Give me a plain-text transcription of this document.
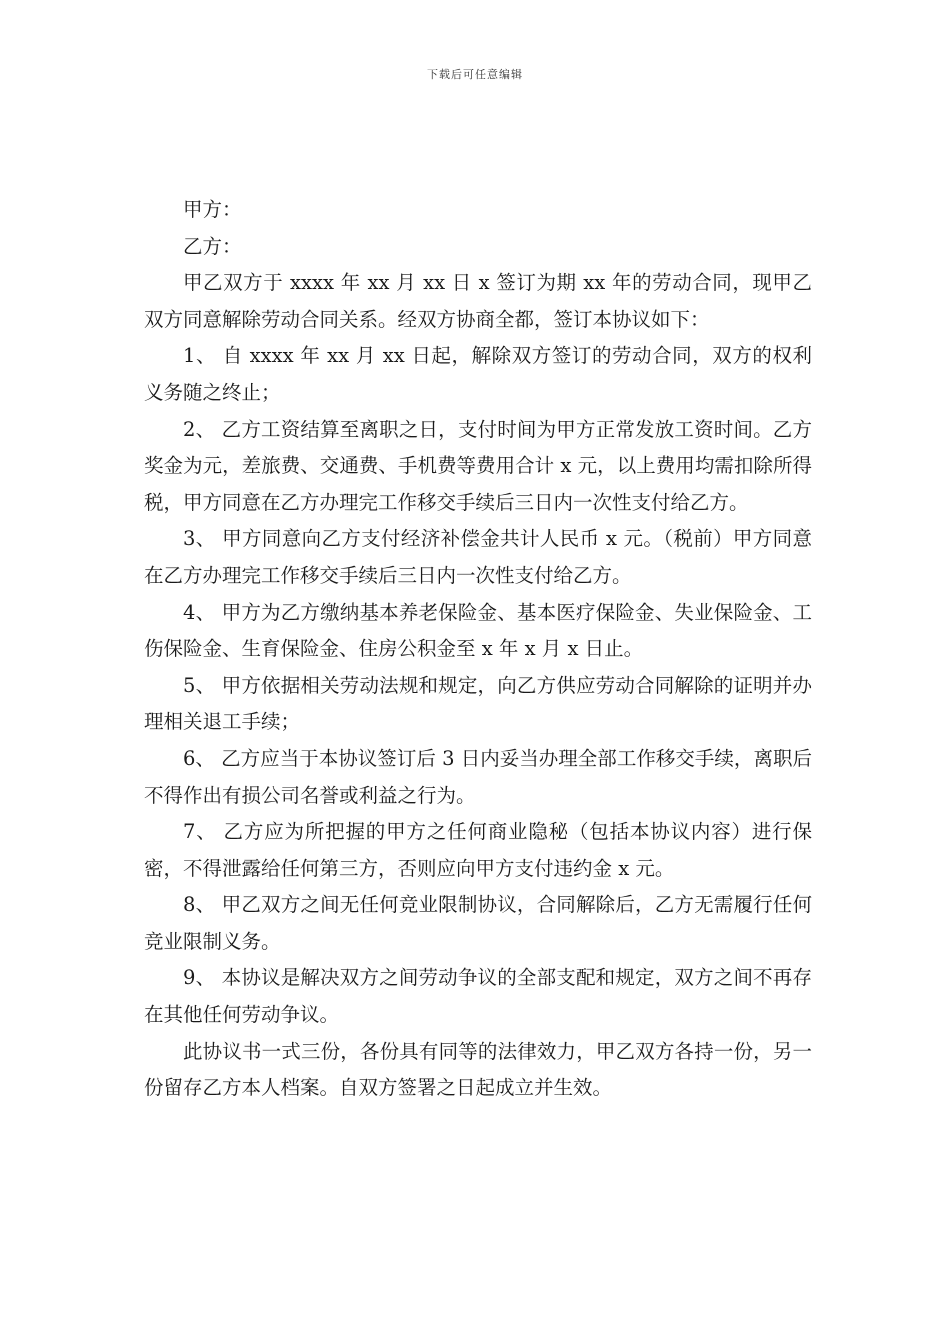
下载后可任意编辑

甲方：

乙方：

甲乙双方于 xxxx 年 xx 月 xx 日 x 签订为期 xx 年的劳动合同，现甲乙双方同意解除劳动合同关系。经双方协商全都，签订本协议如下：

1、 自 xxxx 年 xx 月 xx 日起，解除双方签订的劳动合同，双方的权利义务随之终止；

2、 乙方工资结算至离职之日，支付时间为甲方正常发放工资时间。乙方奖金为元，差旅费、交通费、手机费等费用合计 x 元，以上费用均需扣除所得税，甲方同意在乙方办理完工作移交手续后三日内一次性支付给乙方。

3、 甲方同意向乙方支付经济补偿金共计人民币 x 元。（税前）甲方同意在乙方办理完工作移交手续后三日内一次性支付给乙方。

4、 甲方为乙方缴纳基本养老保险金、基本医疗保险金、失业保险金、工伤保险金、生育保险金、住房公积金至 x 年 x 月 x 日止。

5、 甲方依据相关劳动法规和规定，向乙方供应劳动合同解除的证明并办理相关退工手续；

6、 乙方应当于本协议签订后 3 日内妥当办理全部工作移交手续，离职后不得作出有损公司名誉或利益之行为。

7、 乙方应为所把握的甲方之任何商业隐秘（包括本协议内容）进行保密，不得泄露给任何第三方，否则应向甲方支付违约金 x 元。

8、 甲乙双方之间无任何竞业限制协议，合同解除后，乙方无需履行任何竞业限制义务。

9、 本协议是解决双方之间劳动争议的全部支配和规定，双方之间不再存在其他任何劳动争议。

此协议书一式三份，各份具有同等的法律效力，甲乙双方各持一份，另一份留存乙方本人档案。自双方签署之日起成立并生效。
